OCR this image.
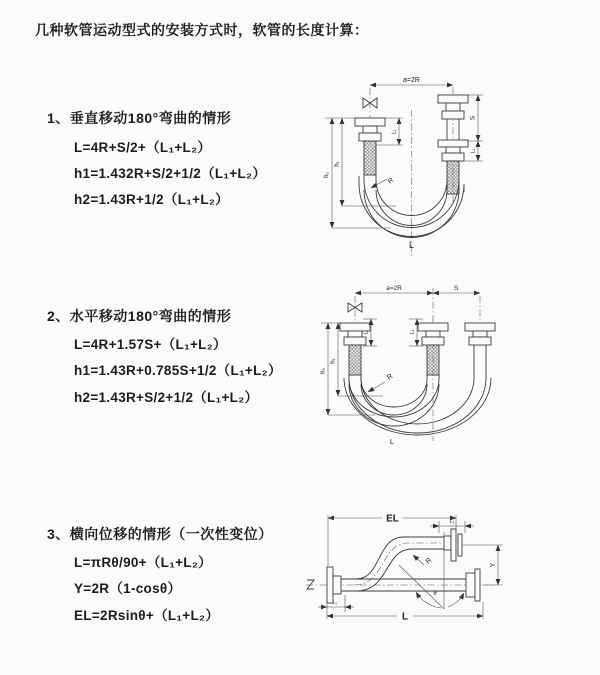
几种软管运动型式的安装方式时，软管的长度计算：
1、垂直移动180°弯曲的情形
L=4R+S/2+（L₁+L₂）
h1=1.432R+S/2+1/2（L₁+L₂）
h2=1.43R+1/2（L₁+L₂）
2、水平移动180°弯曲的情形
L=4R+1.57S+（L₁+L₂）
h1=1.43R+0.785S+1/2（L₁+L₂）
h2=1.43R+S/2+1/2（L₁+L₂）
3、横向位移的情形（一次性变位）
L=πRθ/90+（L₁+L₂）
Y=2R（1-cosθ）
EL=2Rsinθ+（L₁+L₂）
a=2R
h₂
h₁
L₁
S
L₁
R
L
a=2R	S
h₂
h₁
L₁	L₁
R
L
EL	L₁
Y
θ
R
L₂
L
